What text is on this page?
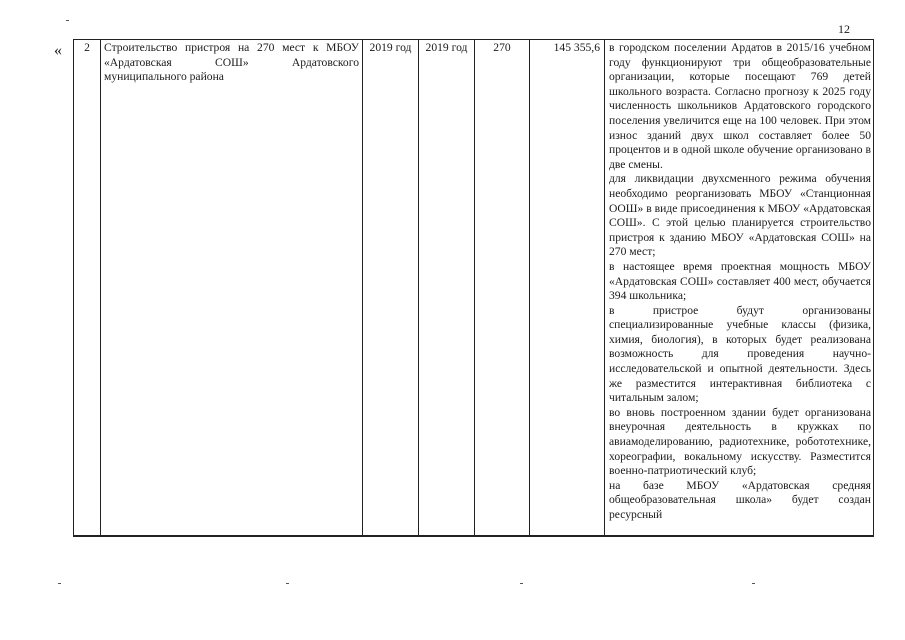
12
« 2	Строительство пристроя на 270 мест к МБОУ «Ардатовская СОШ» Ардатовского муниципального района	2019 год	2019 год	270	145 355,6	в городском поселении Ардатов в 2015/16 учебном году функционируют три общеобразовательные организации, которые посещают 769 детей школьного возраста. Согласно прогнозу к 2025 году численность школьников Ардатовского городского поселения увеличится еще на 100 человек. При этом износ зданий двух школ составляет более 50 процентов и в одной школе обучение организовано в две смены.

для ликвидации двухсменного режима обучения необходимо реорганизовать МБОУ «Станционная ООШ» в виде присоединения к МБОУ «Ардатовская СОШ». С этой целью планируется строительство пристроя к зданию МБОУ «Ардатовская СОШ» на 270 мест;

в настоящее время проектная мощность МБОУ «Ардатовская СОШ» составляет 400 мест, обучается 394 школьника;

в пристрое будут организованы специализированные учебные классы (физика, химия, биология), в которых будет реализована возможность для проведения научно-исследовательской и опытной деятельности. Здесь же разместится интерактивная библиотека с читальным залом;

во вновь построенном здании будет организована внеурочная деятельность в кружках по авиамоделированию, радиотехнике, робототехнике, хореографии, вокальному искусству. Разместится военно-патриотический клуб;

на базе МБОУ «Ардатовская средняя общеобразовательная школа» будет создан ресурсный
